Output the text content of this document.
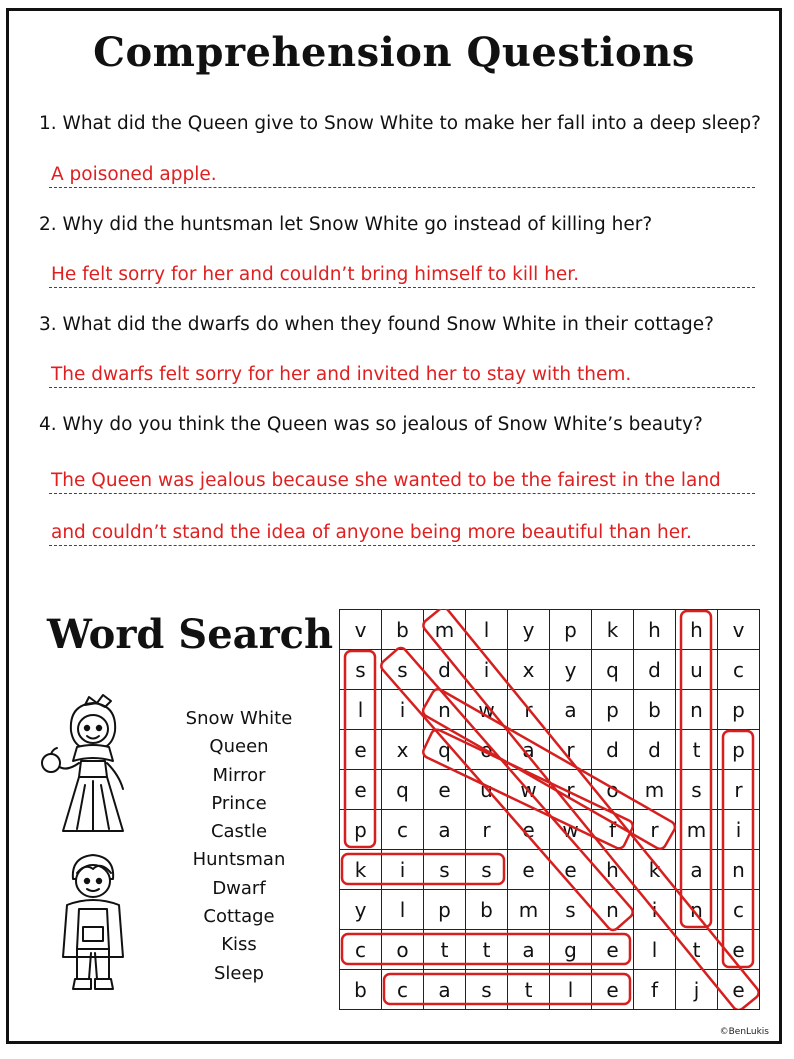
Comprehension Questions
1. What did the Queen give to Snow White to make her fall into a deep sleep?
A poisoned apple.
2. Why did the huntsman let Snow White go instead of killing her?
He felt sorry for her and couldn’t bring himself to kill her.
3. What did the dwarfs do when they found Snow White in their cottage?
The dwarfs felt sorry for her and invited her to stay with them.
4. Why do you think the Queen was so jealous of Snow White’s beauty?
The Queen was jealous because she wanted to be the fairest in the land
and couldn’t stand the idea of anyone being more beautiful than her.
Word Search
Snow White
Queen
Mirror
Prince
Castle
Huntsman
Dwarf
Cottage
Kiss
Sleep
v	b	m	l	y	p	k	h	h	v
s	s	d	i	x	y	q	d	u	c
l	i	n	w	r	a	p	b	n	p
e	x	q	o	a	r	d	d	t	p
e	q	e	u	w	r	o	m	s	r
p	c	a	r	e	w	f	r	m	i
k	i	s	s	e	e	h	k	a	n
y	l	p	b	m	s	n	i	n	c
c	o	t	t	a	g	e	l	t	e
b	c	a	s	t	l	e	f	j	e
©BenLukis
